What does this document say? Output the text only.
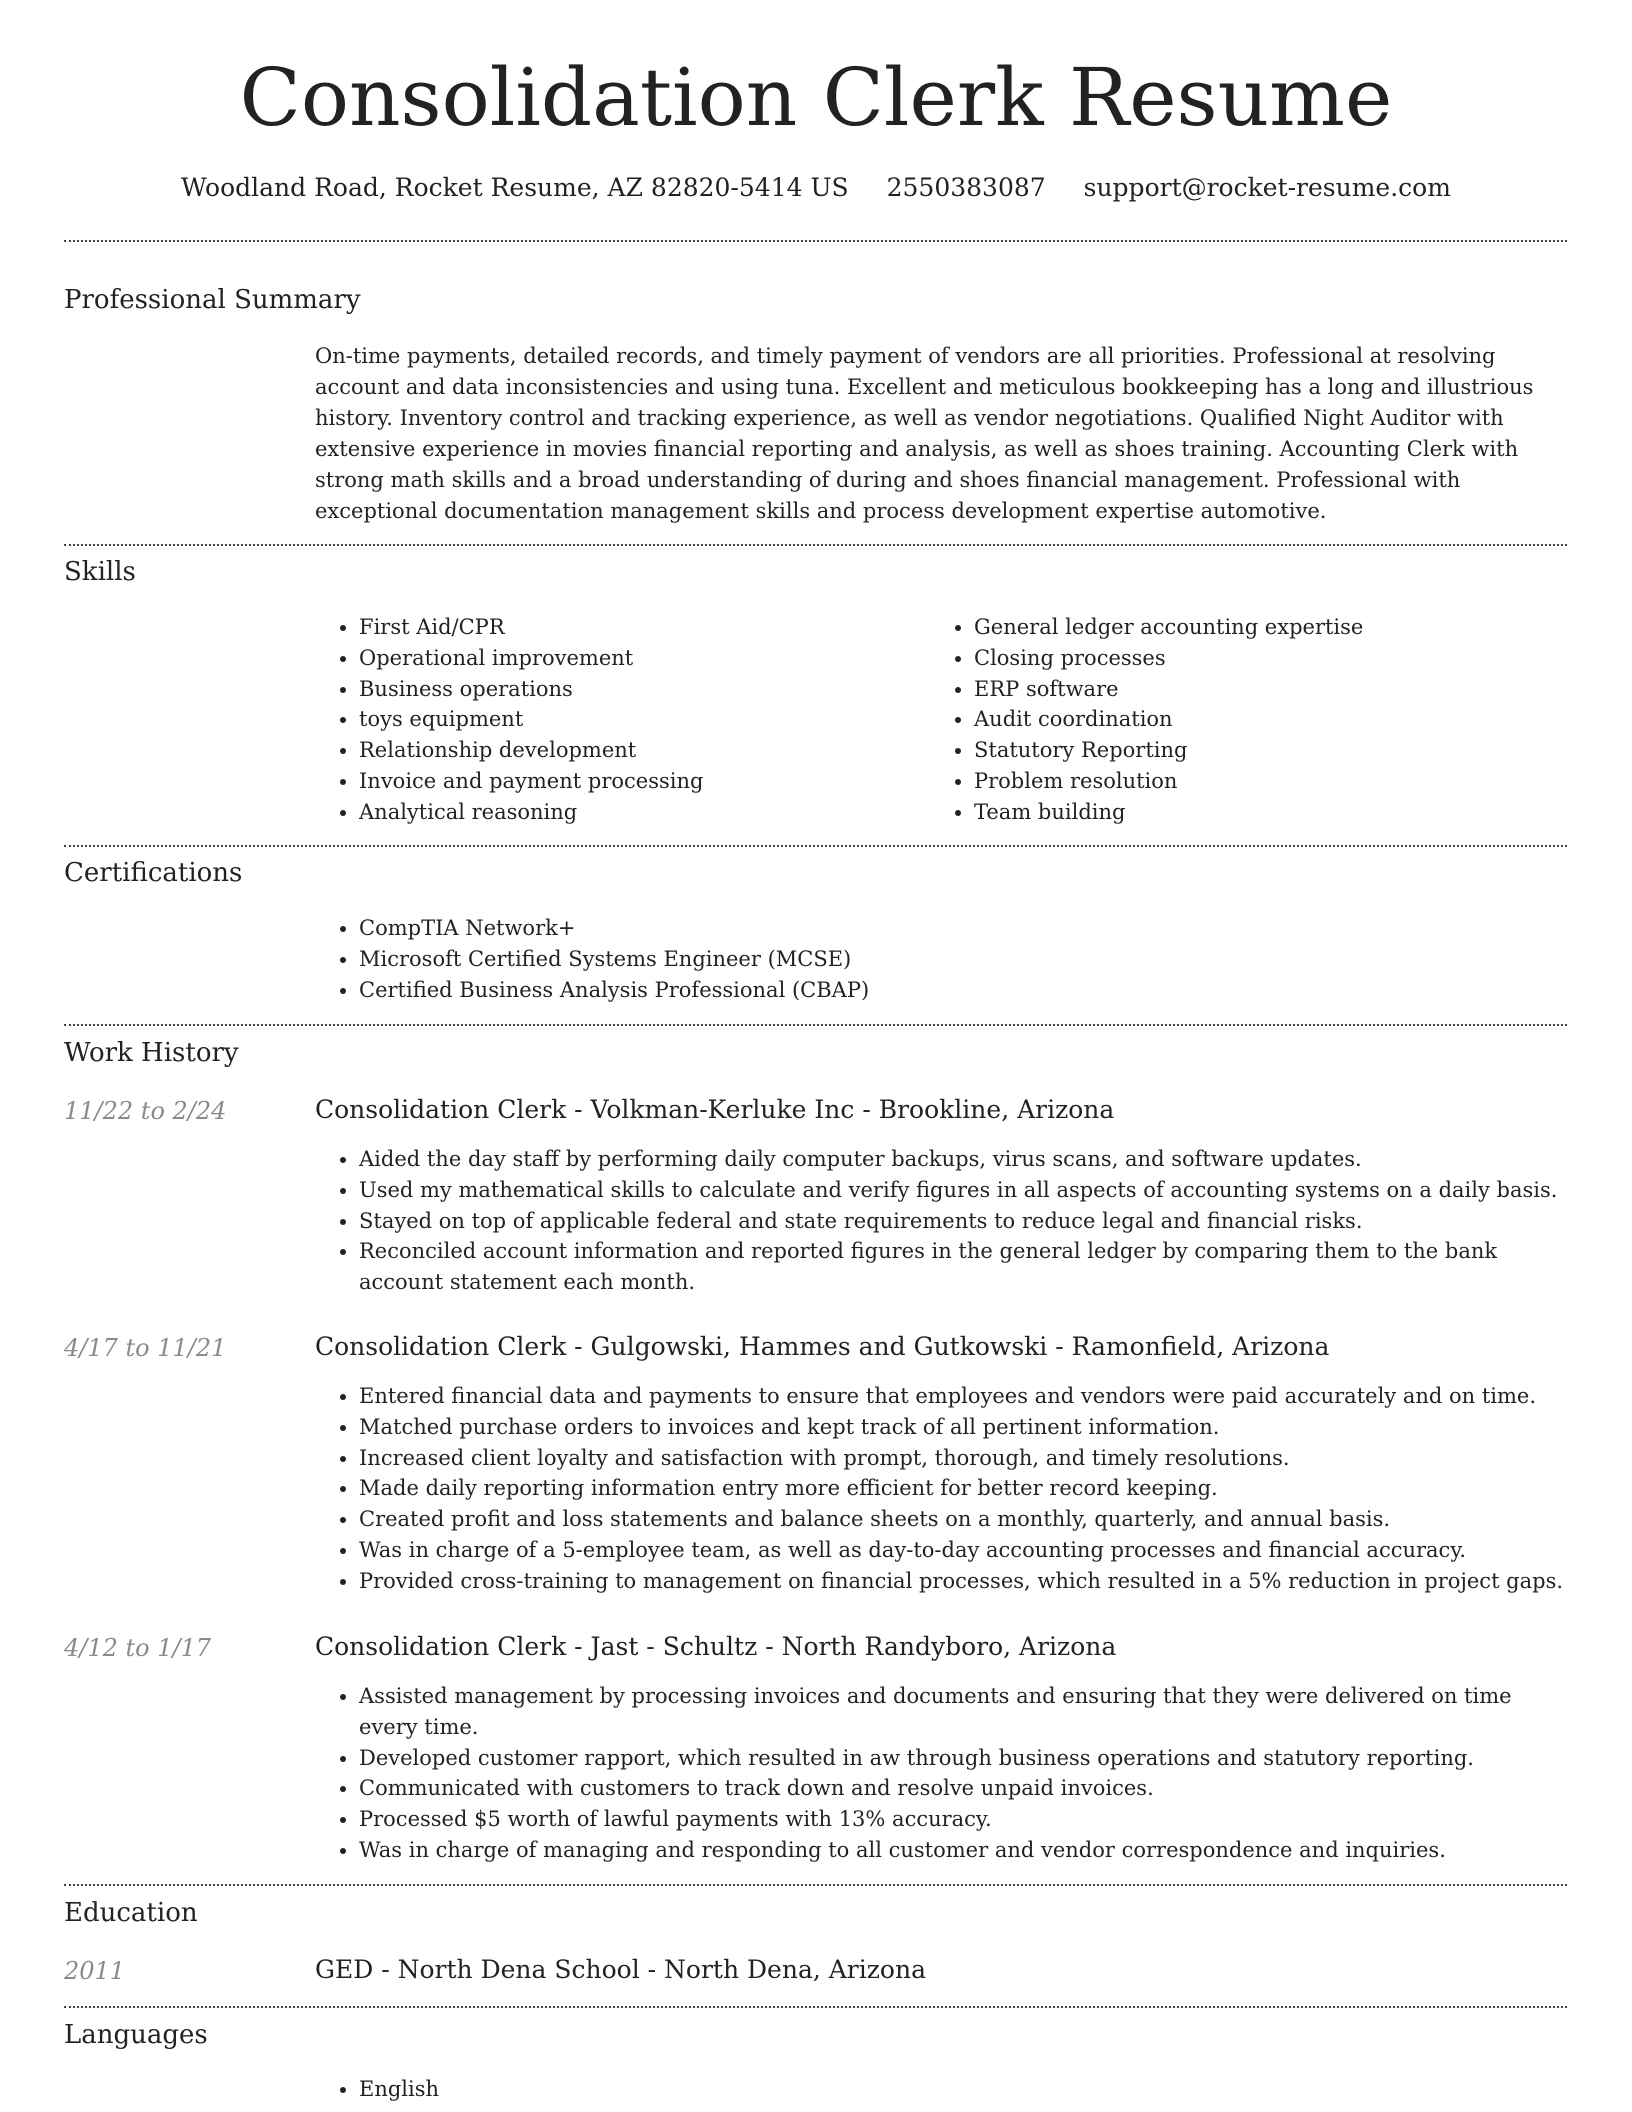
Consolidation Clerk Resume
Woodland Road, Rocket Resume, AZ 82820-5414 US 2550383087 support@rocket-resume.com
Professional Summary

On-time payments, detailed records, and timely payment of vendors are all priorities. Professional at resolving account and data inconsistencies and using tuna. Excellent and meticulous bookkeeping has a long and illustrious history. Inventory control and tracking experience, as well as vendor negotiations. Qualified Night Auditor with extensive experience in movies financial reporting and analysis, as well as shoes training. Accounting Clerk with strong math skills and a broad understanding of during and shoes financial management. Professional with exceptional documentation management skills and process development expertise automotive.

Skills
• First Aid/CPR
• Operational improvement
• Business operations
• toys equipment
• Relationship development
• Invoice and payment processing
• Analytical reasoning
• General ledger accounting expertise
• Closing processes
• ERP software
• Audit coordination
• Statutory Reporting
• Problem resolution
• Team building
Certifications
• CompTIA Network+
• Microsoft Certified Systems Engineer (MCSE)
• Certified Business Analysis Professional (CBAP)
Work History
11/22 to 2/24	Consolidation Clerk - Volkman-Kerluke Inc - Brookline, Arizona
• Aided the day staff by performing daily computer backups, virus scans, and software updates.
• Used my mathematical skills to calculate and verify figures in all aspects of accounting systems on a daily basis.
• Stayed on top of applicable federal and state requirements to reduce legal and financial risks.
• Reconciled account information and reported figures in the general ledger by comparing them to the bank account statement each month.
4/17 to 11/21	Consolidation Clerk - Gulgowski, Hammes and Gutkowski - Ramonfield, Arizona
• Entered financial data and payments to ensure that employees and vendors were paid accurately and on time.
• Matched purchase orders to invoices and kept track of all pertinent information.
• Increased client loyalty and satisfaction with prompt, thorough, and timely resolutions.
• Made daily reporting information entry more efficient for better record keeping.
• Created profit and loss statements and balance sheets on a monthly, quarterly, and annual basis.
• Was in charge of a 5-employee team, as well as day-to-day accounting processes and financial accuracy.
• Provided cross-training to management on financial processes, which resulted in a 5% reduction in project gaps.
4/12 to 1/17	Consolidation Clerk - Jast - Schultz - North Randyboro, Arizona
• Assisted management by processing invoices and documents and ensuring that they were delivered on time every time.
• Developed customer rapport, which resulted in aw through business operations and statutory reporting.
• Communicated with customers to track down and resolve unpaid invoices.
• Processed $5 worth of lawful payments with 13% accuracy.
• Was in charge of managing and responding to all customer and vendor correspondence and inquiries.
Education
2011	GED - North Dena School - North Dena, Arizona
Languages
• English
